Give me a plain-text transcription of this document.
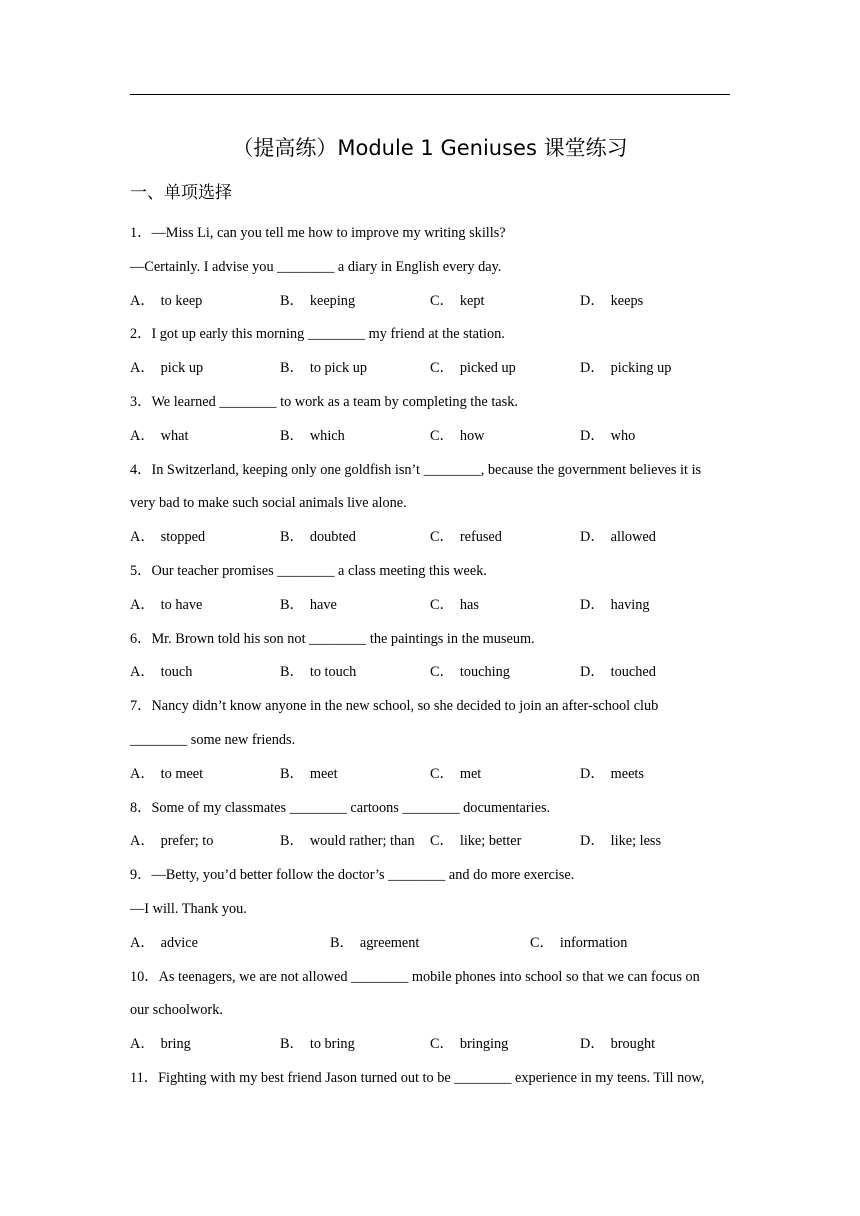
（提高练）Module 1 Geniuses 课堂练习
一、单项选择
1．—Miss Li, can you tell me how to improve my writing skills?
—Certainly. I advise you ________ a diary in English every day.
A． to keep	B． keeping	C． kept	D． keeps
2．I got up early this morning ________ my friend at the station.
A． pick up	B． to pick up	C． picked up	D． picking up
3．We learned ________ to work as a team by completing the task.
A． what	B． which	C． how	D． who
4．In Switzerland, keeping only one goldfish isn’t ________, because the government believes it is
very bad to make such social animals live alone.
A． stopped	B． doubted	C． refused	D． allowed
5．Our teacher promises ________ a class meeting this week.
A． to have	B． have	C． has	D． having
6．Mr. Brown told his son not ________ the paintings in the museum.
A． touch	B． to touch	C． touching	D． touched
7．Nancy didn’t know anyone in the new school, so she decided to join an after-school club
________ some new friends.
A． to meet	B． meet	C． met	D． meets
8．Some of my classmates ________ cartoons ________ documentaries.
A． prefer; to	B． would rather; than C． like; better	D． like; less
9．—Betty, you’d better follow the doctor’s ________ and do more exercise.
—I will. Thank you.
A． advice	B． agreement	C． information
10．As teenagers, we are not allowed ________ mobile phones into school so that we can focus on
our schoolwork.
A． bring	B． to bring	C． bringing	D． brought
11．Fighting with my best friend Jason turned out to be ________ experience in my teens. Till now,
